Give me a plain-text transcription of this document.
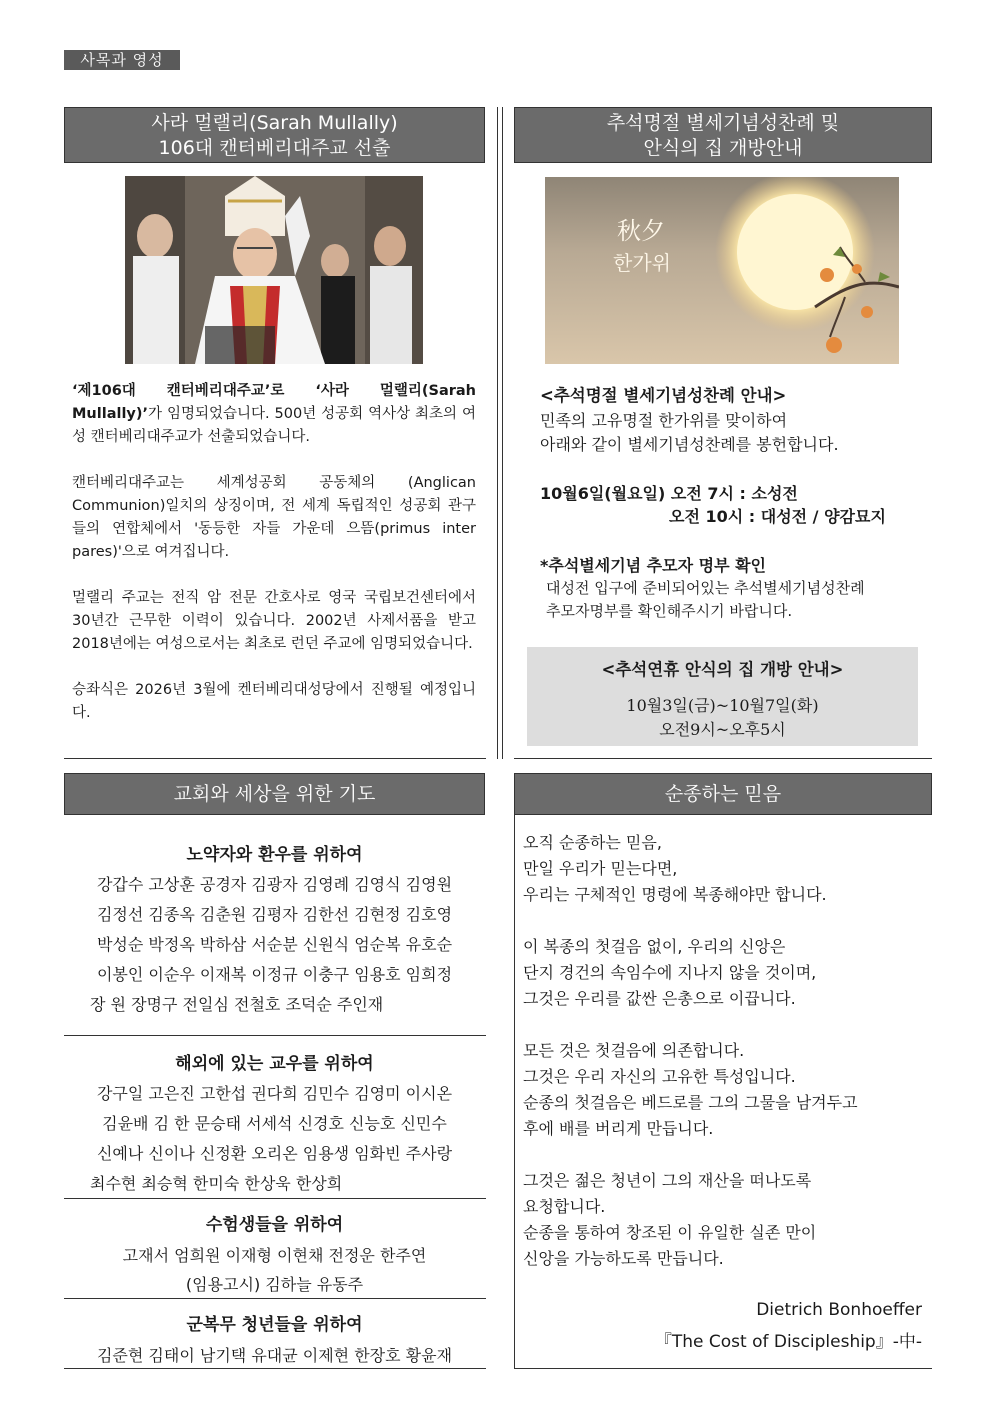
사목과 영성
사라 멀랠리(Sarah Mullally)
106대 캔터베리대주교 선출

‘제106대 캔터베리대주교’로 ‘사라 멀랠리(Sarah Mullally)’가 임명되었습니다. 500년 성공회 역사상 최초의 여성 캔터베리대주교가 선출되었습니다.

캔터베리대주교는 세계성공회 공동체의 (Anglican Communion)일치의 상징이며, 전 세계 독립적인 성공회 관구들의 연합체에서 '동등한 자들 가운데 으뜸(primus inter pares)'으로 여겨집니다.

멀랠리 주교는 전직 암 전문 간호사로 영국 국립보건센터에서 30년간 근무한 이력이 있습니다. 2002년 사제서품을 받고 2018년에는 여성으로서는 최초로 런던 주교에 임명되었습니다.

승좌식은 2026년 3월에 켄터베리대성당에서 진행될 예정입니다.

추석명절 별세기념성찬례 및
안식의 집 개방안내
秋夕
한가위
<추석명절 별세기념성찬례 안내>
민족의 고유명절 한가위를 맞이하여
아래와 같이 별세기념성찬례를 봉헌합니다.
10월6일(월요일) 오전 7시 : 소성전
오전 10시 : 대성전 / 양감묘지
*추석별세기념 추모자 명부 확인
대성전 입구에 준비되어있는 추석별세기념성찬례
추모자명부를 확인해주시기 바랍니다.
<추석연휴 안식의 집 개방 안내>
10월3일(금)~10월7일(화)
오전9시~오후5시
교회와 세상을 위한 기도
노약자와 환우를 위하여
강갑수 고상훈 공경자 김광자 김영례 김영식 김영원
김정선 김종옥 김춘원 김평자 김한선 김현정 김호영
박성순 박정옥 박하삼 서순분 신원식 엄순복 유호순
이봉인 이순우 이재복 이정규 이충구 임용호 임희정
장 원 장명구 전일심 전철호 조덕순 주인재
해외에 있는 교우를 위하여
강구일 고은진 고한섭 권다희 김민수 김영미 이시온
김윤배 김 한 문승태 서세석 신경호 신능호 신민수
신예나 신이나 신정환 오리온 임용생 임화빈 주사랑
최수현 최승혁 한미숙 한상욱 한상희
수험생들을 위하여
고재서 엄희원 이재형 이현채 전정운 한주연
(임용고시) 김하늘 유동주
군복무 청년들을 위하여
김준현 김태이 남기택 유대균 이제현 한장호 황윤재
순종하는 믿음
오직 순종하는 믿음,
만일 우리가 믿는다면,
우리는 구체적인 명령에 복종해야만 합니다.
이 복종의 첫걸음 없이, 우리의 신앙은
단지 경건의 속임수에 지나지 않을 것이며,
그것은 우리를 값싼 은총으로 이끕니다.
모든 것은 첫걸음에 의존합니다.
그것은 우리 자신의 고유한 특성입니다.
순종의 첫걸음은 베드로를 그의 그물을 남겨두고
후에 배를 버리게 만듭니다.
그것은 젊은 청년이 그의 재산을 떠나도록
요청합니다.
순종을 통하여 창조된 이 유일한 실존 만이
신앙을 가능하도록 만듭니다.
Dietrich Bonhoeffer
『The Cost of Discipleship』-中-
